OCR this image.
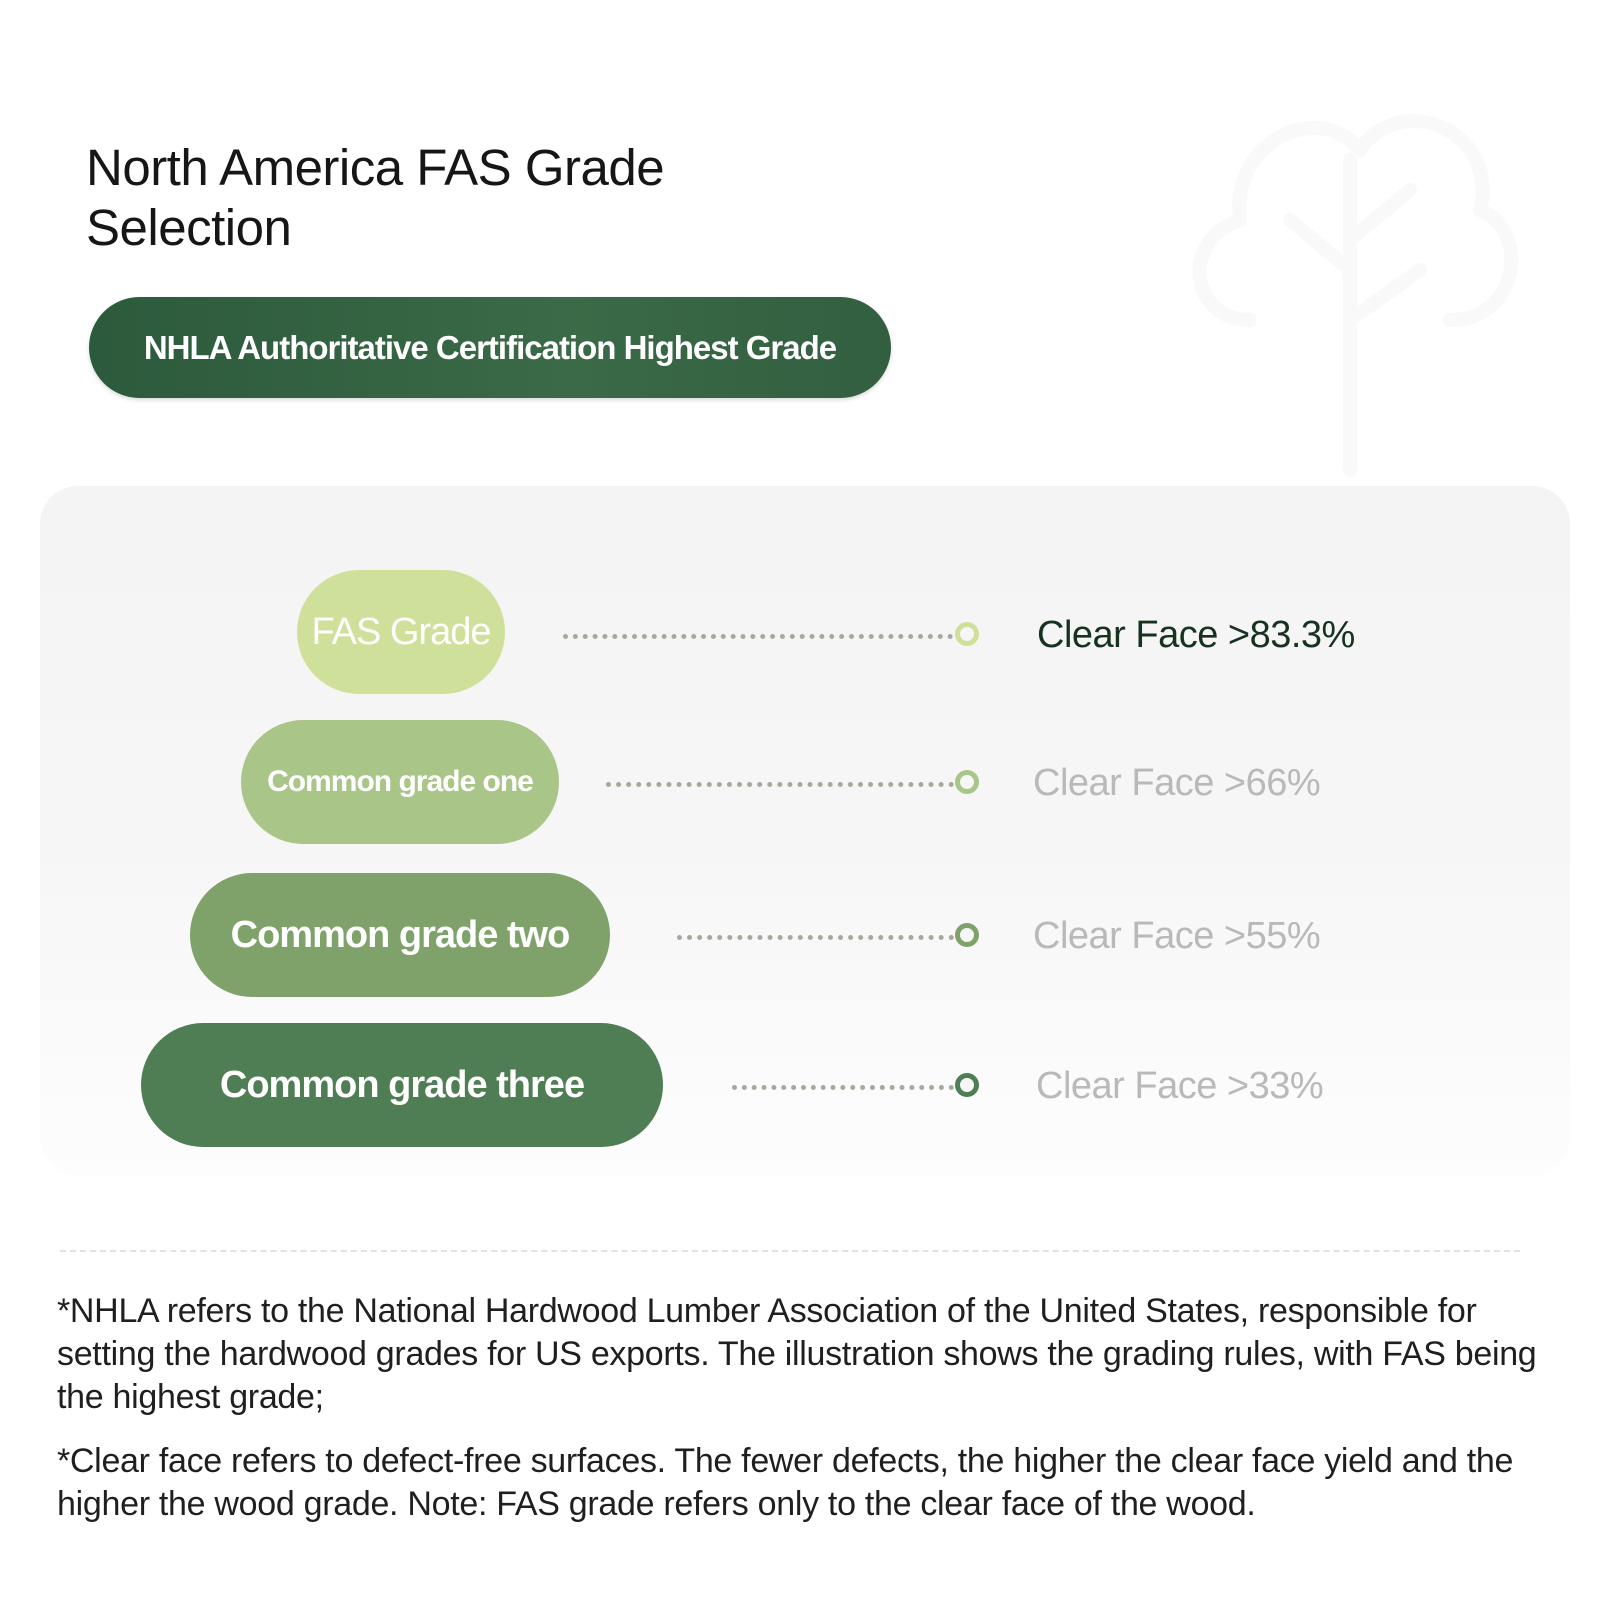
North America FAS Grade Selection
NHLA Authoritative Certification Highest Grade
FAS Grade	Clear Face >83.3%
Common grade one	Clear Face >66%
Common grade two	Clear Face >55%
Common grade three	Clear Face >33%
*NHLA refers to the National Hardwood Lumber Association of the United States, responsible for setting the hardwood grades for US exports. The illustration shows the grading rules, with FAS being the highest grade;
*Clear face refers to defect-free surfaces. The fewer defects, the higher the clear face yield and the higher the wood grade. Note: FAS grade refers only to the clear face of the wood.
